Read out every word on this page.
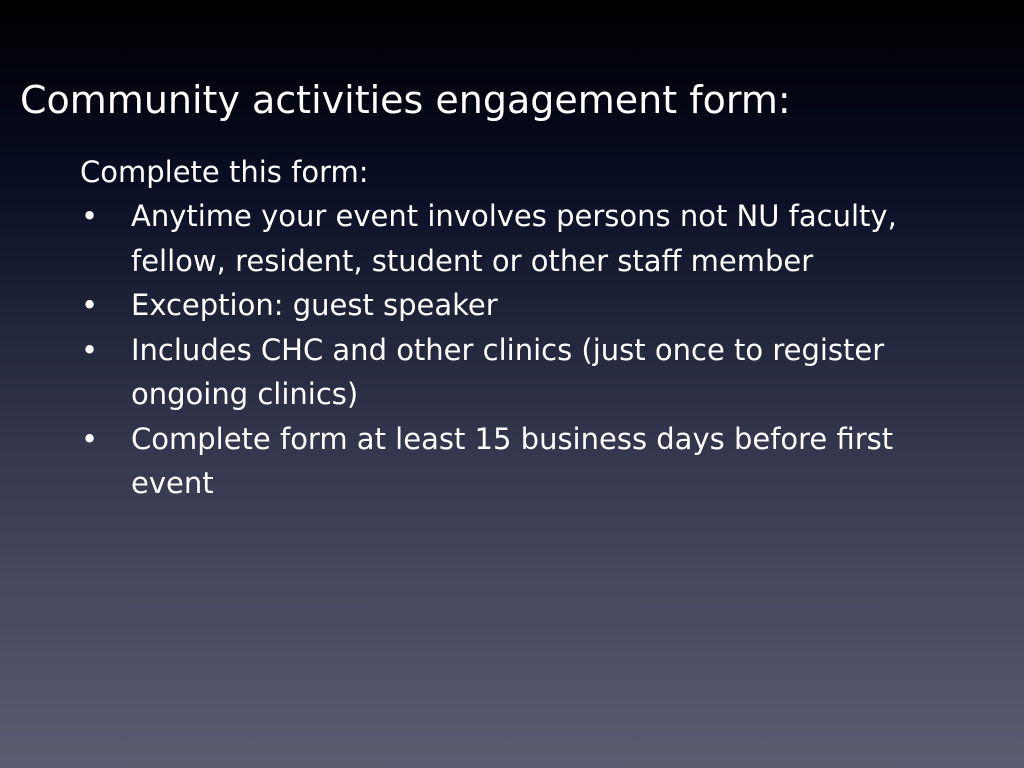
Community activities engagement form:

Complete this form:

• Anytime your event involves persons not NU faculty, fellow, resident, student or other staff member
• Exception: guest speaker
• Includes CHC and other clinics (just once to register ongoing clinics)
• Complete form at least 15 business days before first event
